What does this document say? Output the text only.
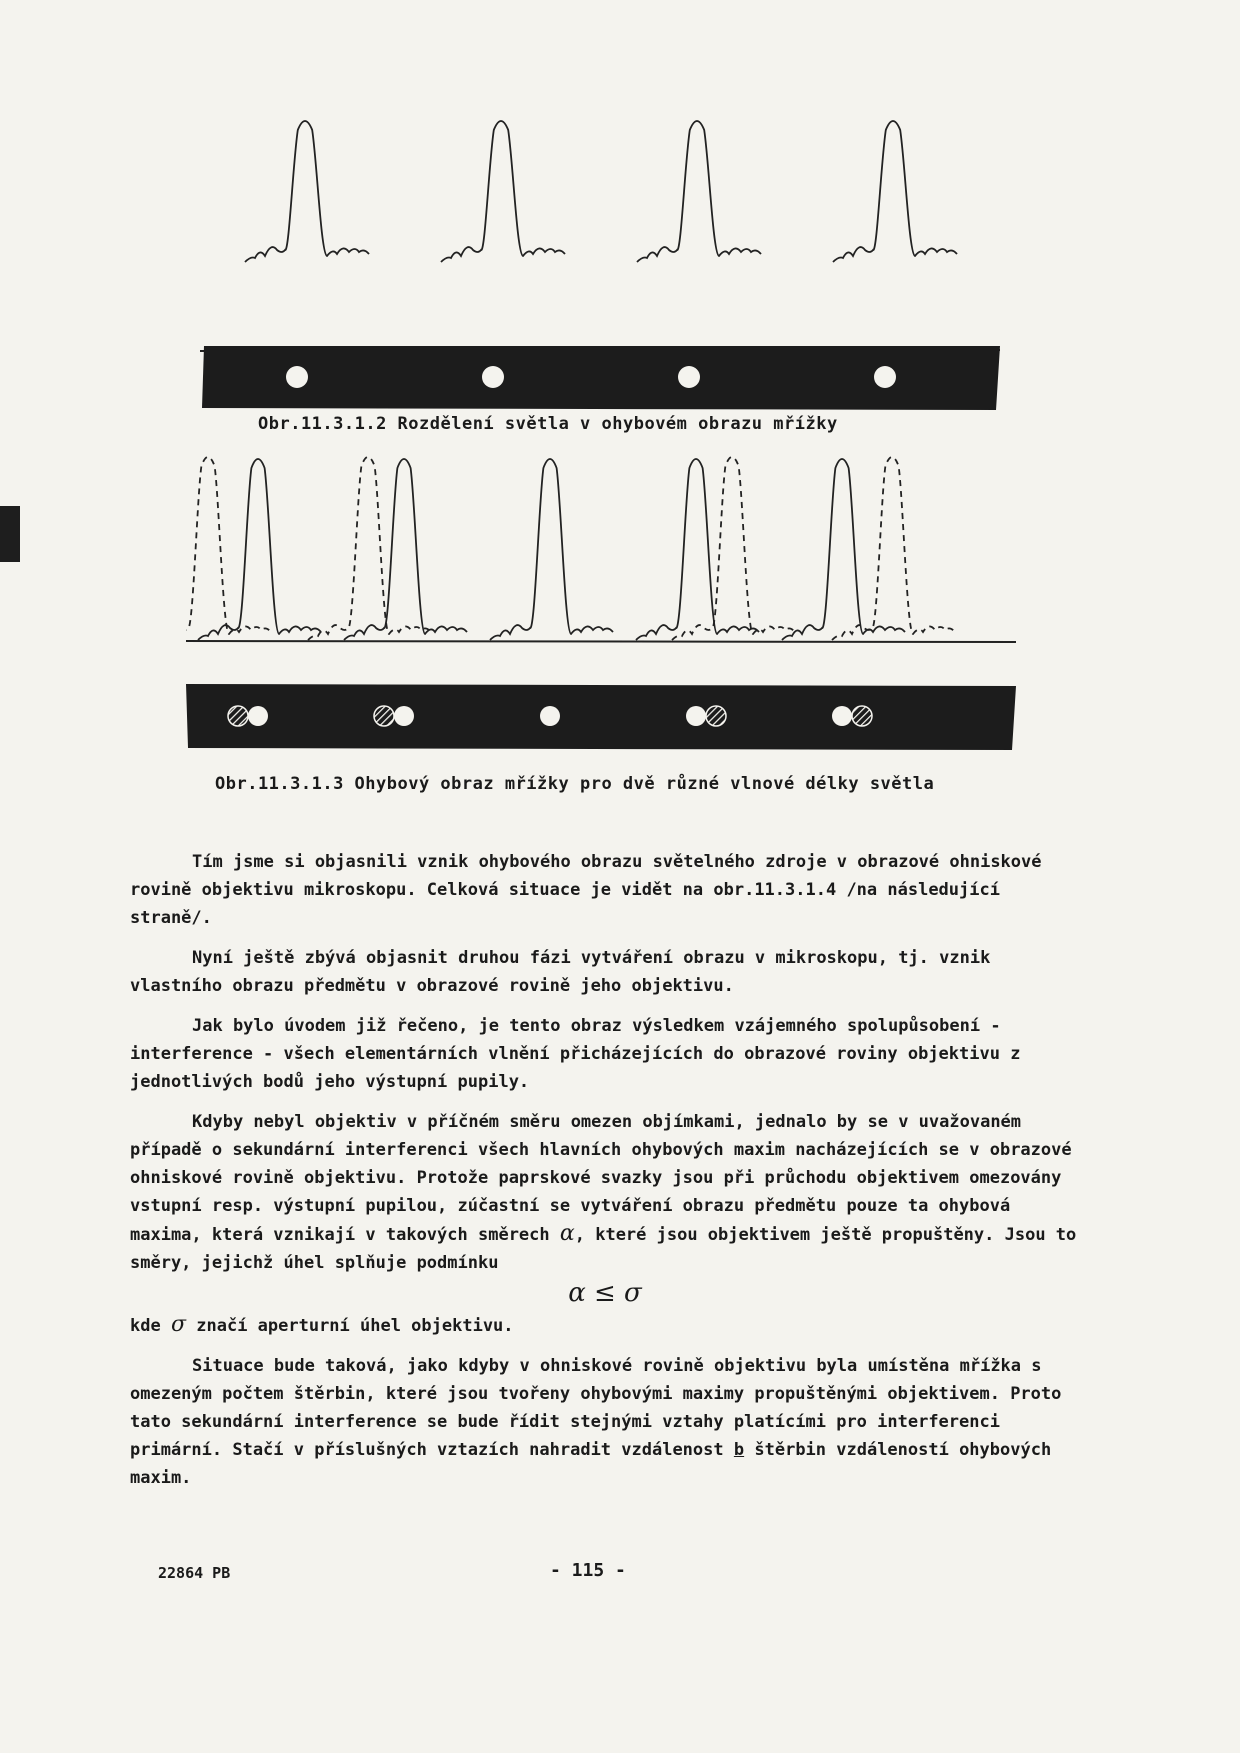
Obr.11.3.1.2 Rozdělení světla v ohybovém obrazu mřížky
Obr.11.3.1.3 Ohybový obraz mřížky pro dvě různé vlnové délky světla

Tím jsme si objasnili vznik ohybového obrazu světelného zdroje v obrazové ohniskové rovině objektivu mikroskopu. Celková situace je vidět na obr.11.3.1.4 /na následující straně/.

Nyní ještě zbývá objasnit druhou fázi vytváření obrazu v mikroskopu, tj. vznik vlastního obrazu předmětu v obrazové rovině jeho objektivu.

Jak bylo úvodem již řečeno, je tento obraz výsledkem vzájemného spolupůsobení - interference - všech elementárních vlnění přicházejících do obrazové roviny objektivu z jednotlivých bodů jeho výstupní pupily.

Kdyby nebyl objektiv v příčném směru omezen objímkami, jednalo by se v uvažovaném případě o sekundární interferenci všech hlavních ohybových maxim nacházejících se v obrazové ohniskové rovině objektivu. Protože paprskové svazky jsou při průchodu objektivem omezovány vstupní resp. výstupní pupilou, zúčastní se vytváření obrazu předmětu pouze ta ohybová maxima, která vznikají v takových směrech α, které jsou objektivem ještě propuštěny. Jsou to směry, jejichž úhel splňuje podmínku

α ≤ σ

kde σ značí aperturní úhel objektivu.

Situace bude taková, jako kdyby v ohniskové rovině objektivu byla umístěna mřížka s omezeným počtem štěrbin, které jsou tvořeny ohybovými maximy propuštěnými objektivem. Proto tato sekundární interference se bude řídit stejnými vztahy platícími pro interferenci primární. Stačí v příslušných vztazích nahradit vzdálenost b štěrbin vzdáleností ohybových maxim.

22864 PB	- 115 -
